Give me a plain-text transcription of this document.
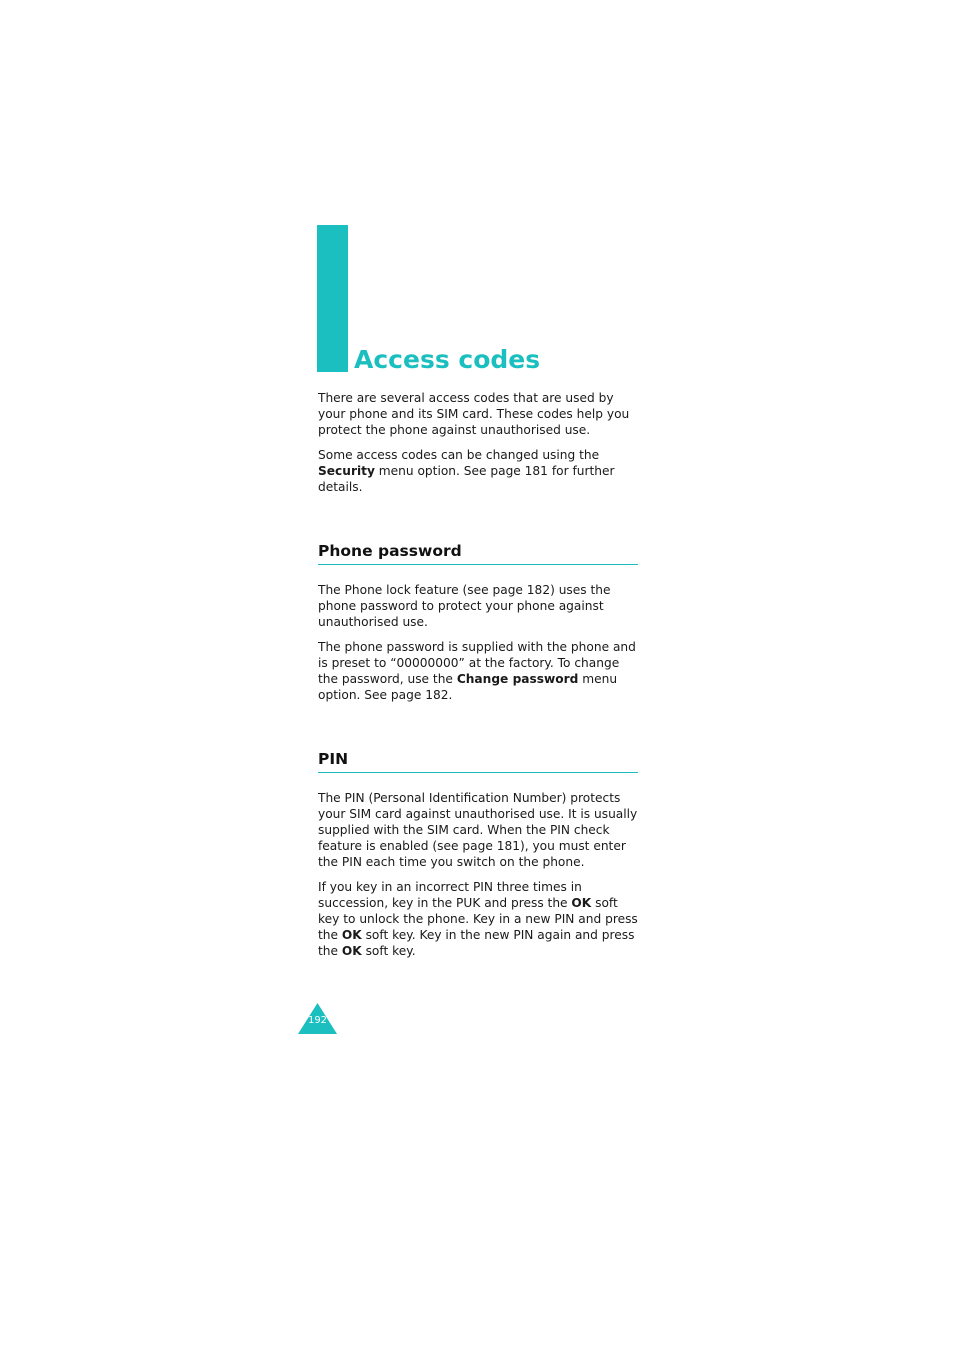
Access codes

There are several access codes that are used by your phone and its SIM card. These codes help you protect the phone against unauthorised use.

Some access codes can be changed using the Security menu option. See page 181 for further details.

Phone password

The Phone lock feature (see page 182) uses the phone password to protect your phone against unauthorised use.

The phone password is supplied with the phone and is preset to “00000000” at the factory. To change the password, use the Change password menu option. See page 182.

PIN

The PIN (Personal Identification Number) protects your SIM card against unauthorised use. It is usually supplied with the SIM card. When the PIN check feature is enabled (see page 181), you must enter the PIN each time you switch on the phone.

If you key in an incorrect PIN three times in succession, key in the PUK and press the OK soft key to unlock the phone. Key in a new PIN and press the OK soft key. Key in the new PIN again and press the OK soft key.

192
